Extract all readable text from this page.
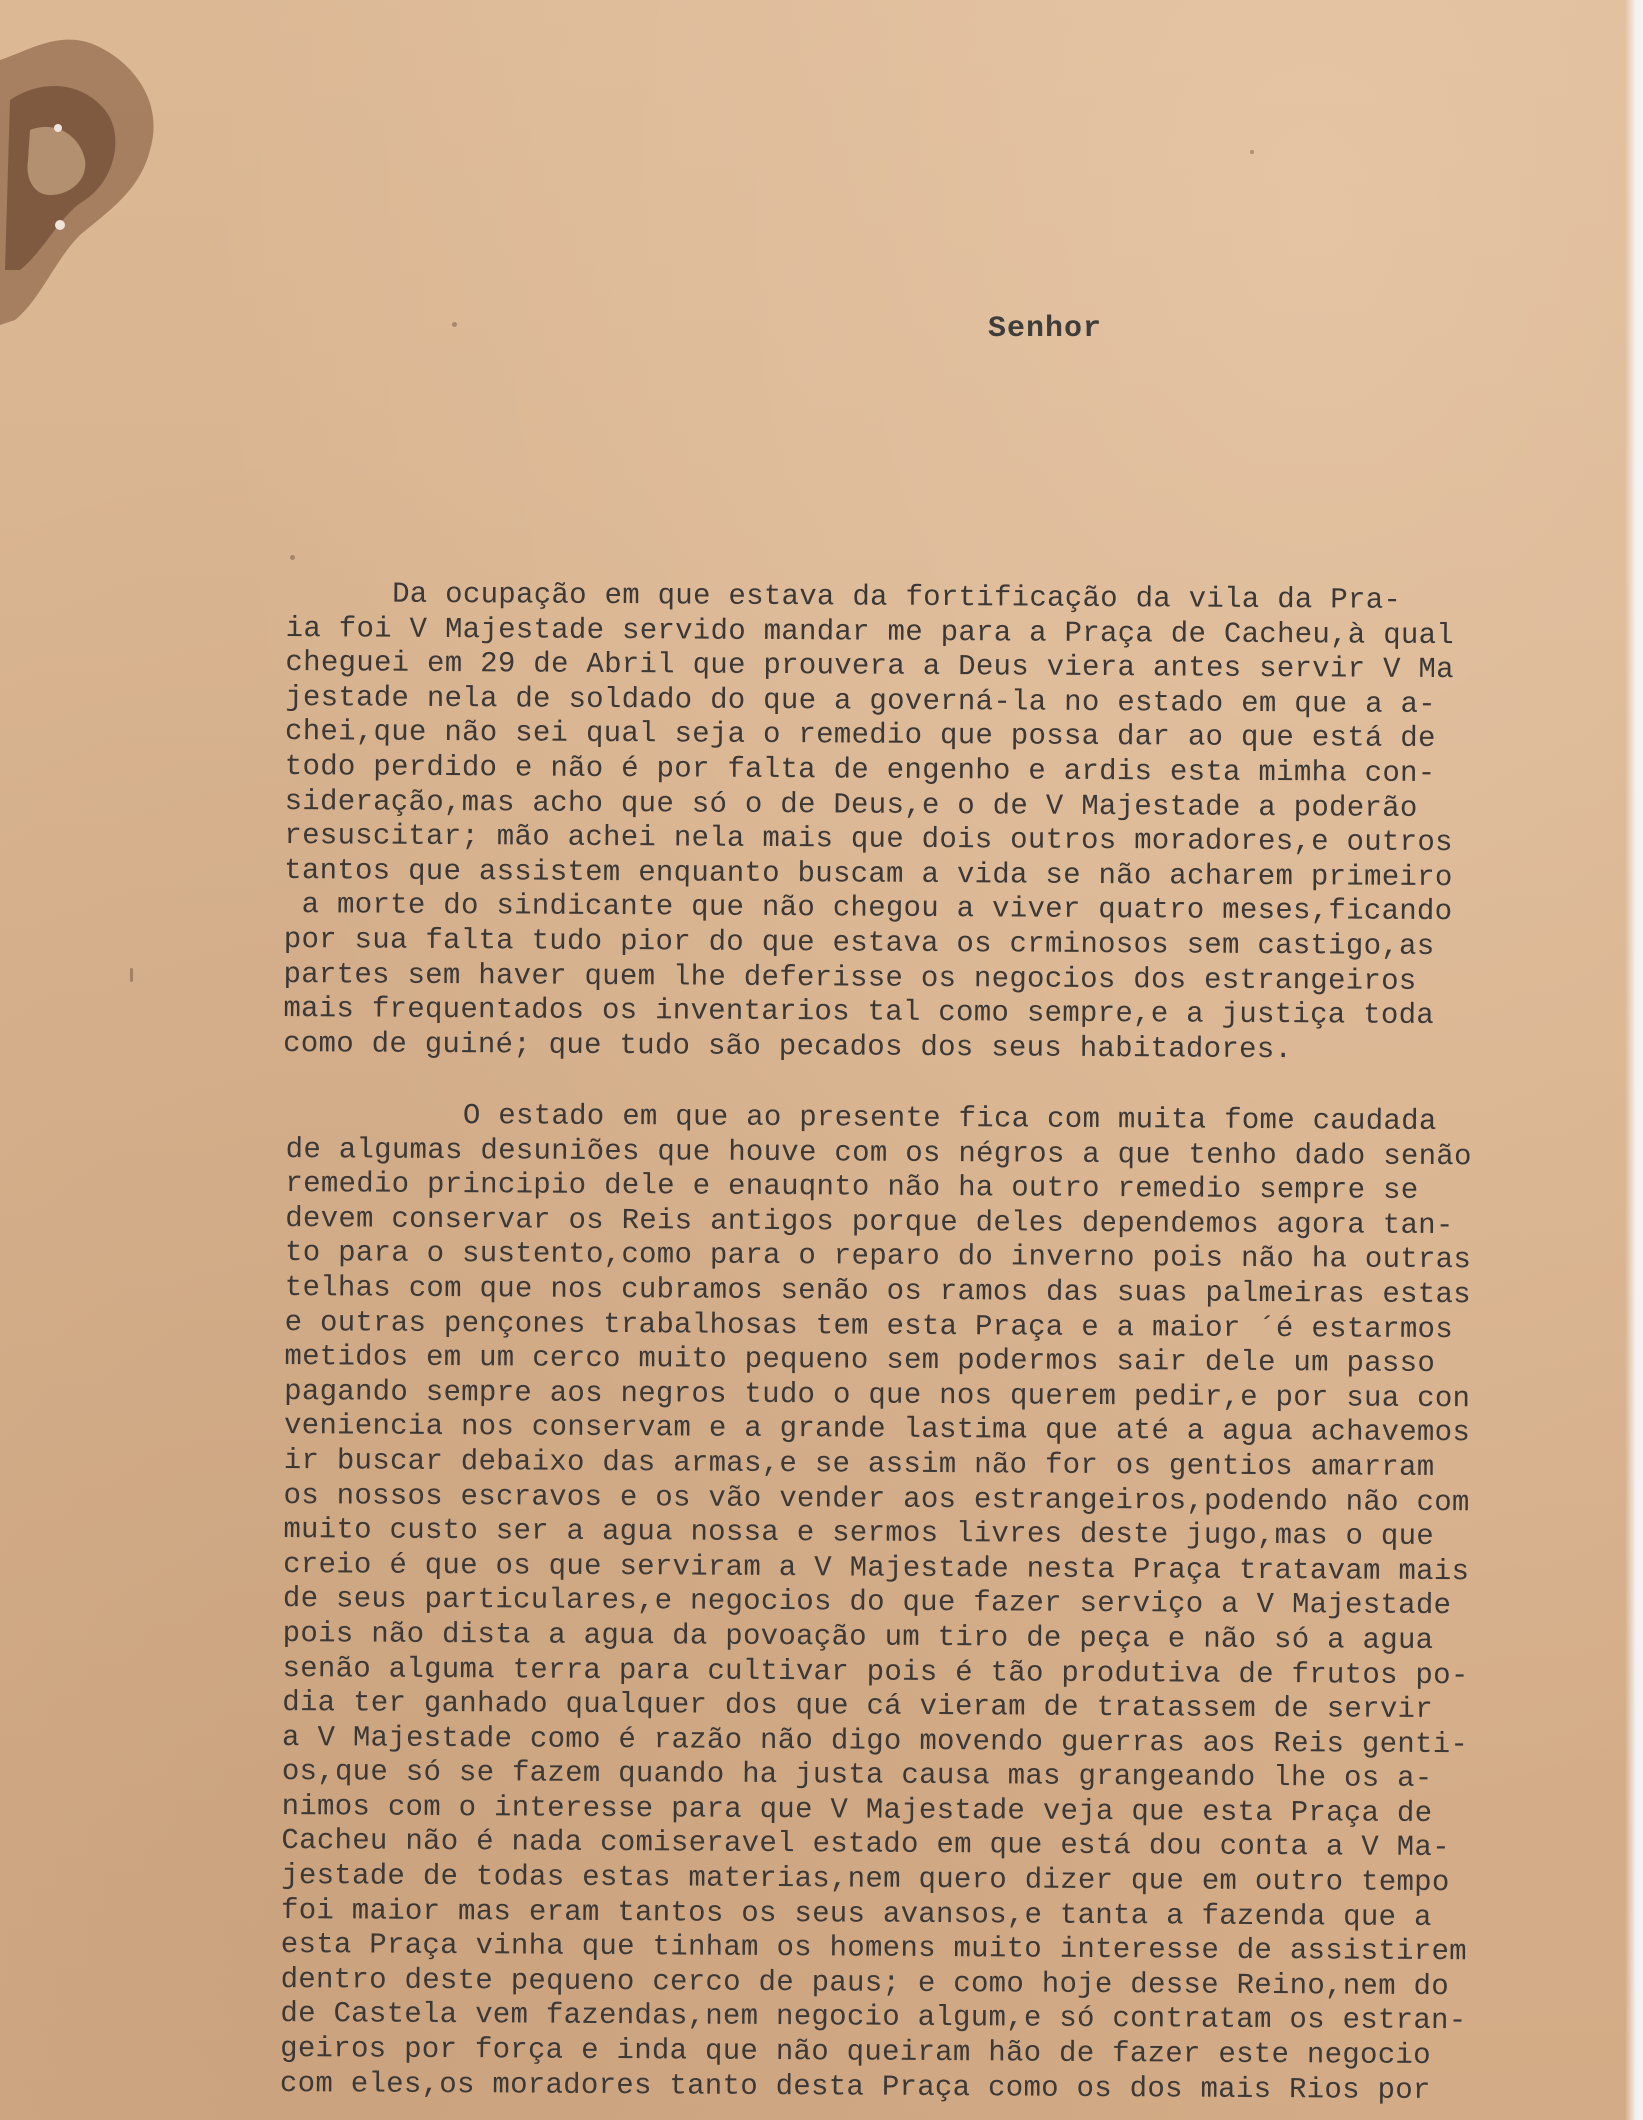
Senhor
Da ocupação em que estava da fortificação da vila da Pra-
ia foi V Majestade servido mandar me para a Praça de Cacheu,à qual
cheguei em 29 de Abril que prouvera a Deus viera antes servir V Ma
jestade nela de soldado do que a governá-la no estado em que a a-
chei,que não sei qual seja o remedio que possa dar ao que está de
todo perdido e não é por falta de engenho e ardis esta mimha con-
sideração,mas acho que só o de Deus,e o de V Majestade a poderão
resuscitar; mão achei nela mais que dois outros moradores,e outros
tantos que assistem enquanto buscam a vida se não acharem primeiro
a morte do sindicante que não chegou a viver quatro meses,ficando
por sua falta tudo pior do que estava os crminosos sem castigo,as
partes sem haver quem lhe deferisse os negocios dos estrangeiros
mais frequentados os inventarios tal como sempre,e a justiça toda
como de guiné; que tudo são pecados dos seus habitadores.
O estado em que ao presente fica com muita fome caudada
de algumas desuniões que houve com os négros a que tenho dado senão
remedio principio dele e enauqnto não ha outro remedio sempre se
devem conservar os Reis antigos porque deles dependemos agora tan-
to para o sustento,como para o reparo do inverno pois não ha outras
telhas com que nos cubramos senão os ramos das suas palmeiras estas
e outras pençones trabalhosas tem esta Praça e a maior ´é estarmos
metidos em um cerco muito pequeno sem podermos sair dele um passo
pagando sempre aos negros tudo o que nos querem pedir,e por sua con
veniencia nos conservam e a grande lastima que até a agua achavemos
ir buscar debaixo das armas,e se assim não for os gentios amarram
os nossos escravos e os vão vender aos estrangeiros,podendo não com
muito custo ser a agua nossa e sermos livres deste jugo,mas o que
creio é que os que serviram a V Majestade nesta Praça tratavam mais
de seus particulares,e negocios do que fazer serviço a V Majestade
pois não dista a agua da povoação um tiro de peça e não só a agua
senão alguma terra para cultivar pois é tão produtiva de frutos po-
dia ter ganhado qualquer dos que cá vieram de tratassem de servir
a V Majestade como é razão não digo movendo guerras aos Reis genti-
os,que só se fazem quando ha justa causa mas grangeando lhe os a-
nimos com o interesse para que V Majestade veja que esta Praça de
Cacheu não é nada comiseravel estado em que está dou conta a V Ma-
jestade de todas estas materias,nem quero dizer que em outro tempo
foi maior mas eram tantos os seus avansos,e tanta a fazenda que a
esta Praça vinha que tinham os homens muito interesse de assistirem
dentro deste pequeno cerco de paus; e como hoje desse Reino,nem do
de Castela vem fazendas,nem negocio algum,e só contratam os estran-
geiros por força e inda que não queiram hão de fazer este negocio
com eles,os moradores tanto desta Praça como os dos mais Rios por
